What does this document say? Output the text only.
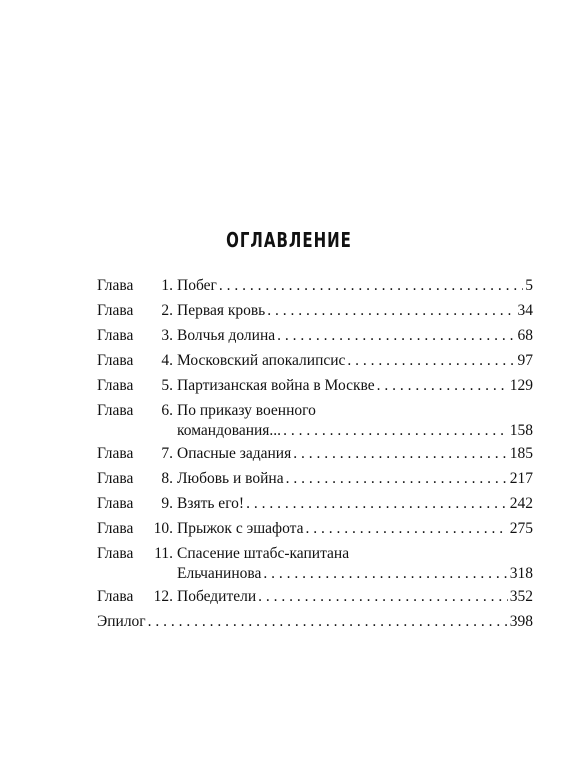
ОГЛАВЛЕНИЕ
Глава	1. Побег . . .	5
Глава	2. Первая кровь . . .	34
Глава	3. Волчья долина . . .	68
Глава	4. Московский апокалипсис . . .	97
Глава	5. Партизанская война в Москве . . .	129
Глава	6. По приказу военного
командования... . . .	158
Глава	7. Опасные задания . . .	185
Глава	8. Любовь и война . . .	217
Глава	9. Взять его! . . .	242
Глава	10. Прыжок с эшафота . . .	275
Глава	11. Спасение штабс-капитана
Ельчанинова . . .	318
Глава	12. Победители . . .	352
Эпилог . . .	398
